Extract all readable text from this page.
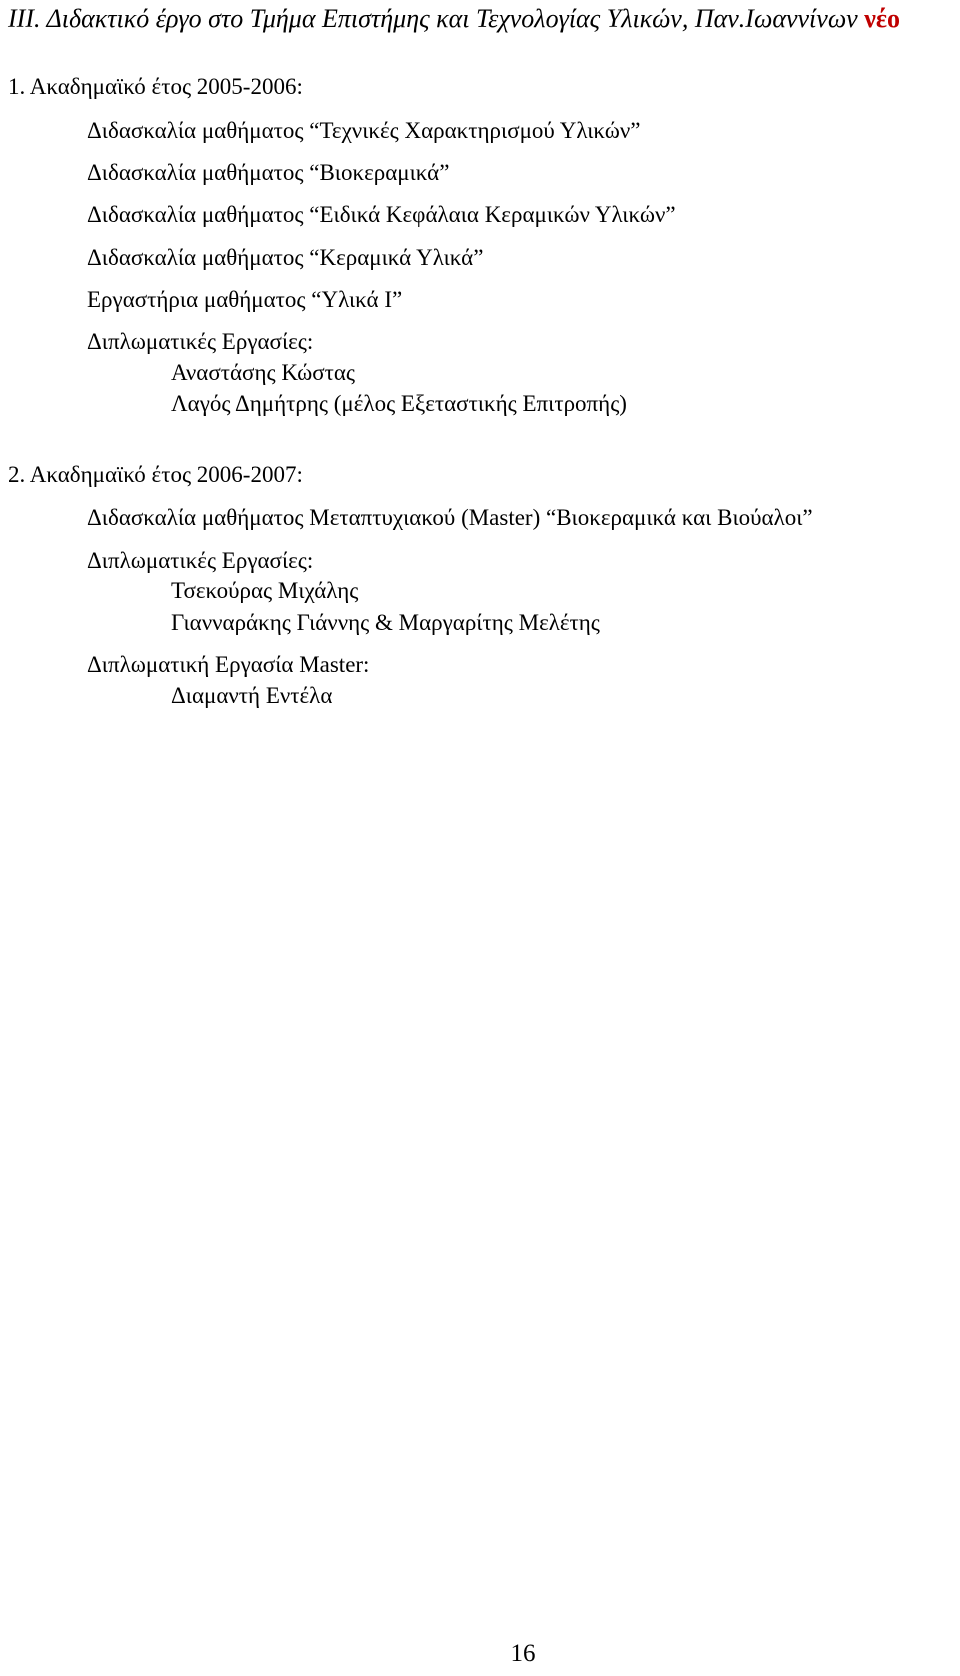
ΙΙΙ. Διδακτικό έργο στο Τμήμα Επιστήμης και Τεχνολογίας Υλικών, Παν.Ιωαννίνων νέο
1. Ακαδημαϊκό έτος 2005-2006:
Διδασκαλία μαθήματος “Τεχνικές Χαρακτηρισμού Υλικών”
Διδασκαλία μαθήματος “Βιοκεραμικά”
Διδασκαλία μαθήματος “Ειδικά Κεφάλαια Κεραμικών Υλικών”
Διδασκαλία μαθήματος “Κεραμικά Υλικά”
Εργαστήρια μαθήματος “Υλικά Ι”
Διπλωματικές Εργασίες:
Αναστάσης Κώστας
Λαγός Δημήτρης (μέλος Εξεταστικής Επιτροπής)
2. Ακαδημαϊκό έτος 2006-2007:
Διδασκαλία μαθήματος Μεταπτυχιακού (Master) “Βιοκεραμικά και Βιούαλοι”
Διπλωματικές Εργασίες:
Τσεκούρας Μιχάλης
Γιανναράκης Γιάννης & Μαργαρίτης Μελέτης
Διπλωματική Εργασία Master:
Διαμαντή Εντέλα
16
